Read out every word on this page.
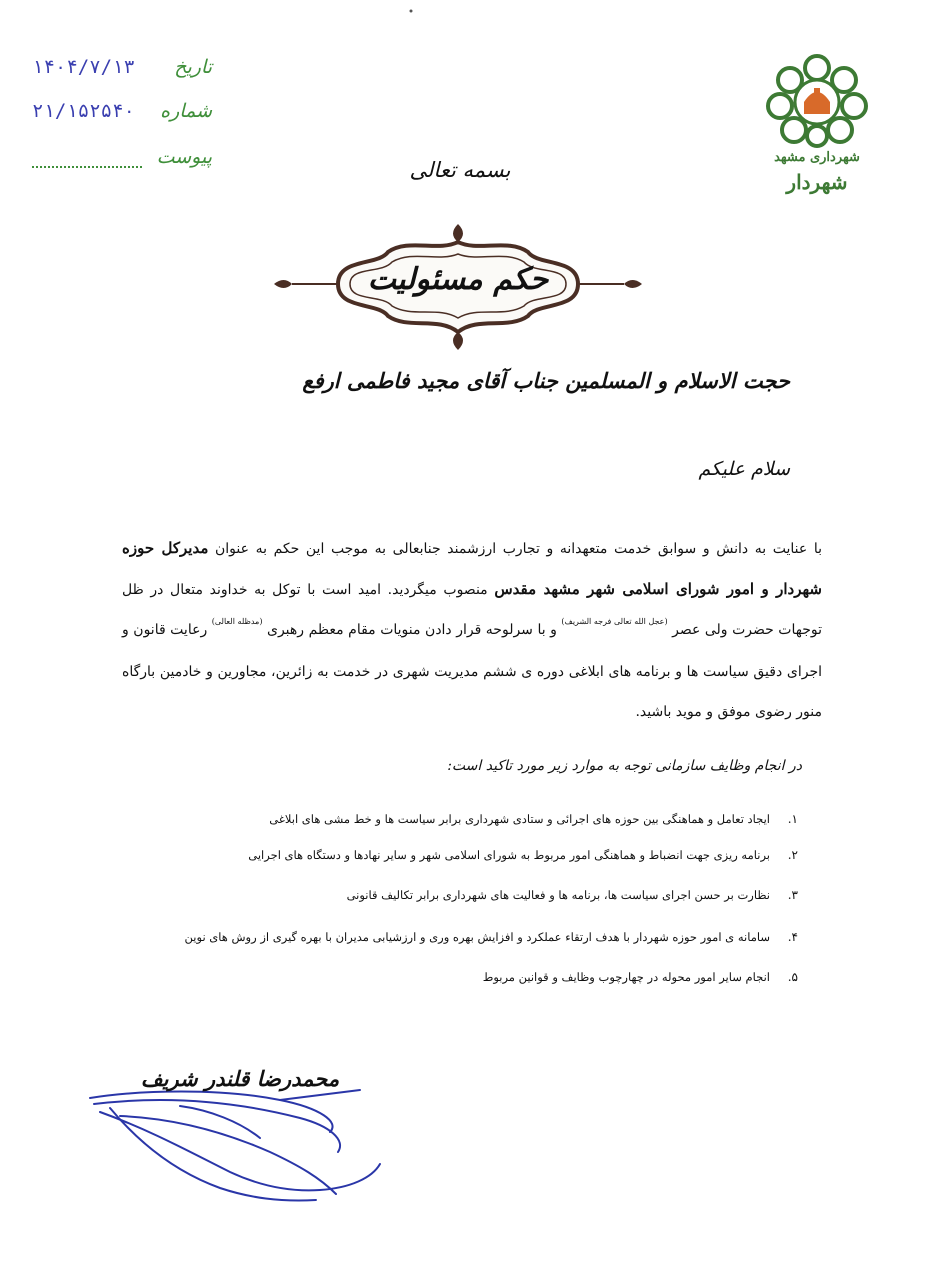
تاریخ
۱۴۰۴/۷/۱۳
شماره
۲۱/۱۵۲۵۴۰
پیوست	شهرداری مشهد
شهردار
بسمه تعالی
حکم مسئولیت
حجت الاسلام و المسلمین جناب آقای مجید فاطمی ارفع
سلام علیکم
با عنایت به دانش و سوابق خدمت متعهدانه و تجارب ارزشمند جنابعالی به موجب این حکم به عنوان مدیرکل حوزه شهردار و امور شورای اسلامی شهر مشهد مقدس منصوب میگردید. امید است با توکل به خداوند متعال در ظل توجهات حضرت ولی عصر $^{(عجل الله تعالی فرجه الشریف)}$ و با سرلوحه قرار دادن منویات مقام معظم رهبری $^{(مدظله العالی)}$ رعایت قانون و اجرای دقیق سیاست ها و برنامه های ابلاغی دوره ی ششم مدیریت شهری در خدمت به زائرین، مجاورین و خادمین بارگاه منور رضوی موفق و موید باشید.
در انجام وظایف سازمانی توجه به موارد زیر مورد تاکید است:
۱.
ایجاد تعامل و هماهنگی بین حوزه های اجرائی و ستادی شهرداری برابر سیاست ها و خط مشی های ابلاغی
۲.
برنامه ریزی جهت انضباط و هماهنگی امور مربوط به شورای اسلامی شهر و سایر نهادها و دستگاه های اجرایی
۳.
نظارت بر حسن اجرای سیاست ها، برنامه ها و فعالیت های شهرداری برابر تکالیف قانونی
۴.
سامانه ی امور حوزه شهردار با هدف ارتقاء عملکرد و افزایش بهره وری و ارزشیابی مدیران با بهره گیری از روش های نوین
۵.
انجام سایر امور محوله در چهارچوب وظایف و قوانین مربوط
محمدرضا قلندر شریف
